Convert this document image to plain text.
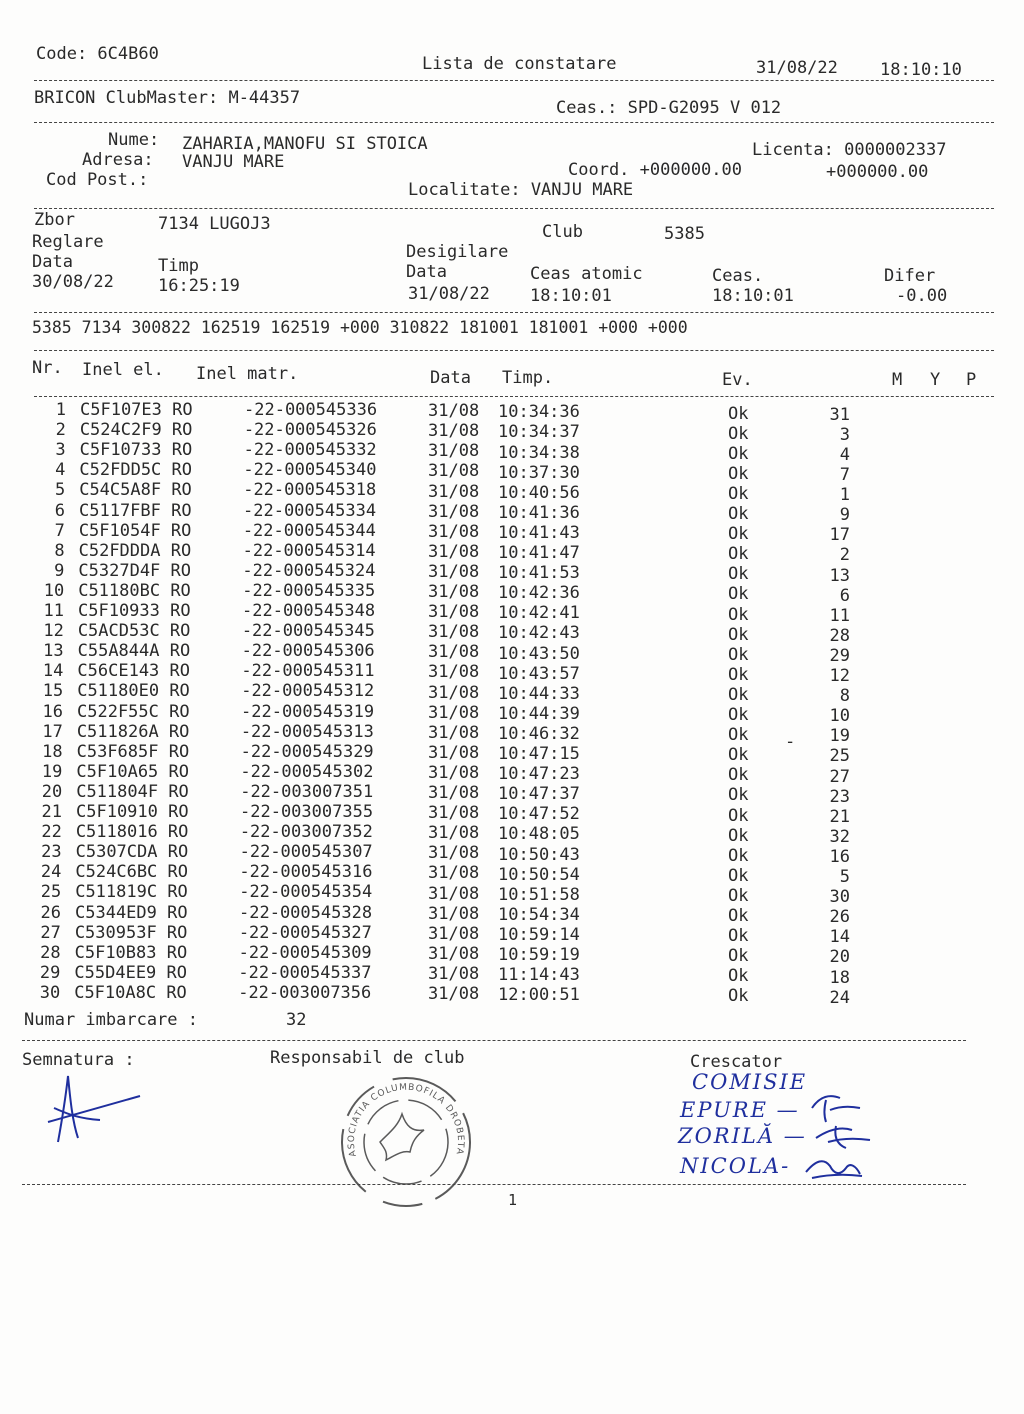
Code: 6C4B60	Lista de constatare	31/08/22 18:10:10
BRICON ClubMaster: M-44357	Ceas.: SPD-G2095 V 012
Nume: ZAHARIA,MANOFU SI STOICA	Licenta: 0000002337
Adresa: VANJU MARE	Coord. +000000.00	+000000.00
Cod Post.:	Localitate: VANJU MARE
Zbor	7134 LUGOJ3	Club	5385
Reglare	Desigilare
Data	Timp	Data	Ceas atomic	Ceas.	Difer
30/08/22	16:25:19	31/08/22 18:10:01	18:10:01	-0.00
5385 7134 300822 162519 162519 +000 310822 181001 181001 +000 +000
Nr. Inel el. Inel matr.	Data Timp.	Ev.	M Y P
1 C5F107E3 RO	-22-000545336	31/08 10:34:36	Ok	31
2 C524C2F9 RO	-22-000545326	31/08 10:34:37	Ok	3
3 C5F10733 RO	-22-000545332	31/08 10:34:38	Ok	4
4 C52FDD5C RO	-22-000545340	31/08 10:37:30	Ok	7
5 C54C5A8F RO	-22-000545318	31/08 10:40:56	Ok	1
6 C5117FBF RO	-22-000545334	31/08 10:41:36	Ok	9
7 C5F1054F RO	-22-000545344	31/08 10:41:43	Ok	17
8 C52FDDDA RO	-22-000545314	31/08 10:41:47	Ok	2
9 C5327D4F RO	-22-000545324	31/08 10:41:53	Ok	13
10 C51180BC RO	-22-000545335	31/08 10:42:36	Ok	6
11 C5F10933 RO	-22-000545348	31/08 10:42:41	Ok	11
12 C5ACD53C RO	-22-000545345	31/08 10:42:43	Ok	28
13 C55A844A RO	-22-000545306	31/08 10:43:50	Ok	29
14 C56CE143 RO	-22-000545311	31/08 10:43:57	Ok	12
15 C51180E0 RO	-22-000545312	31/08 10:44:33	Ok	8
16 C522F55C RO	-22-000545319	31/08 10:44:39	Ok	10
17 C511826A RO	-22-000545313	31/08 10:46:32	Ok	19
18 C53F685F RO	-22-000545329	31/08 10:47:15	Ok	25
19 C5F10A65 RO	-22-000545302	31/08 10:47:23	Ok	27
20 C511804F RO	-22-003007351	31/08 10:47:37	Ok	23
21 C5F10910 RO	-22-003007355	31/08 10:47:52	Ok	21
22 C5118016 RO	-22-003007352	31/08 10:48:05	Ok	32
23 C5307CDA RO	-22-000545307	31/08 10:50:43	Ok	16
24 C524C6BC RO	-22-000545316	31/08 10:50:54	Ok	5
25 C511819C RO	-22-000545354	31/08 10:51:58	Ok	30
26 C5344ED9 RO	-22-000545328	31/08 10:54:34	Ok	26
27 C530953F RO	-22-000545327	31/08 10:59:14	Ok	14
28 C5F10B83 RO	-22-000545309	31/08 10:59:19	Ok	20
29 C55D4EE9 RO	-22-000545337	31/08 11:14:43	Ok	18
30 C5F10A8C RO	-22-003007356	31/08 12:00:51	Ok	24
-
Numar imbarcare :	32
Semnatura :	Responsabil de club	Crescator
ASOCIATIA COLUMBOFILA DROBETA-MEHEDINTI	COMISIE
EPURE —
ZORILĂ —
NICOLA-
1
